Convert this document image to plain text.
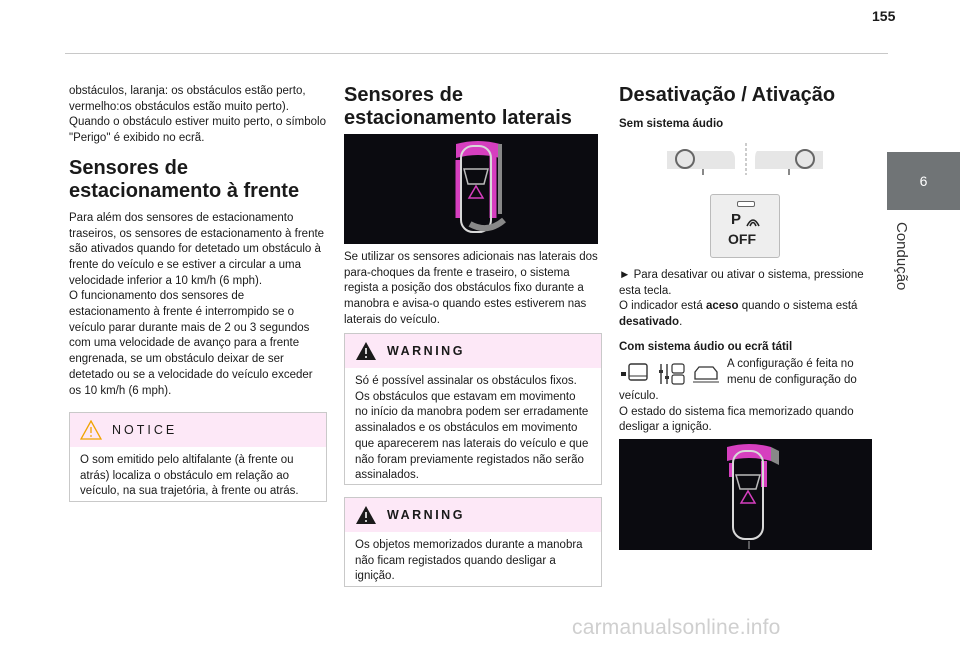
155
6
Condução

obstáculos, laranja: os obstáculos estão perto, vermelho:os obstáculos estão muito perto). Quando o obstáculo estiver muito perto, o símbolo "Perigo" é exibido no ecrã.

Sensores de
estacionamento à frente

Para além dos sensores de estacionamento traseiros, os sensores de estacionamento à frente são ativados quando for detetado um obstáculo à frente do veículo e se estiver a circular a uma velocidade inferior a 10 km/h (6 mph).

O funcionamento dos sensores de estacionamento à frente é interrompido se o veículo parar durante mais de 2 ou 3 segundos com uma velocidade de avanço para a frente engrenada, se um obstáculo deixar de ser detetado ou se a velocidade do veículo exceder os 10 km/h (6 mph).

NOTICE
O som emitido pelo altifalante (à frente ou atrás) localiza o obstáculo em relação ao veículo, na sua trajetória, à frente ou atrás.
Sensores de
estacionamento laterais
Se utilizar os sensores adicionais nas laterais dos para-choques da frente e traseiro, o sistema regista a posição dos obstáculos fixo durante a manobra e avisa-o quando estes estiverem nas laterais do veículo.
WARNING
Só é possível assinalar os obstáculos fixos. Os obstáculos que estavam em movimento no início da manobra podem ser erradamente assinalados e os obstáculos em movimento que aparecerem nas laterais do veículo e que não foram previamente registados não serão assinalados.
WARNING
Os objetos memorizados durante a manobra não ficam registados quando desligar a ignição.
Desativação / Ativação
Sem sistema áudio
P
OFF

► Para desativar ou ativar o sistema, pressione esta tecla.

O indicador está aceso quando o sistema está desativado.

Com sistema áudio ou ecrã tátil
A configuração é feita no menu de configuração do

veículo.

O estado do sistema fica memorizado quando desligar a ignição.

carmanualsonline.info
